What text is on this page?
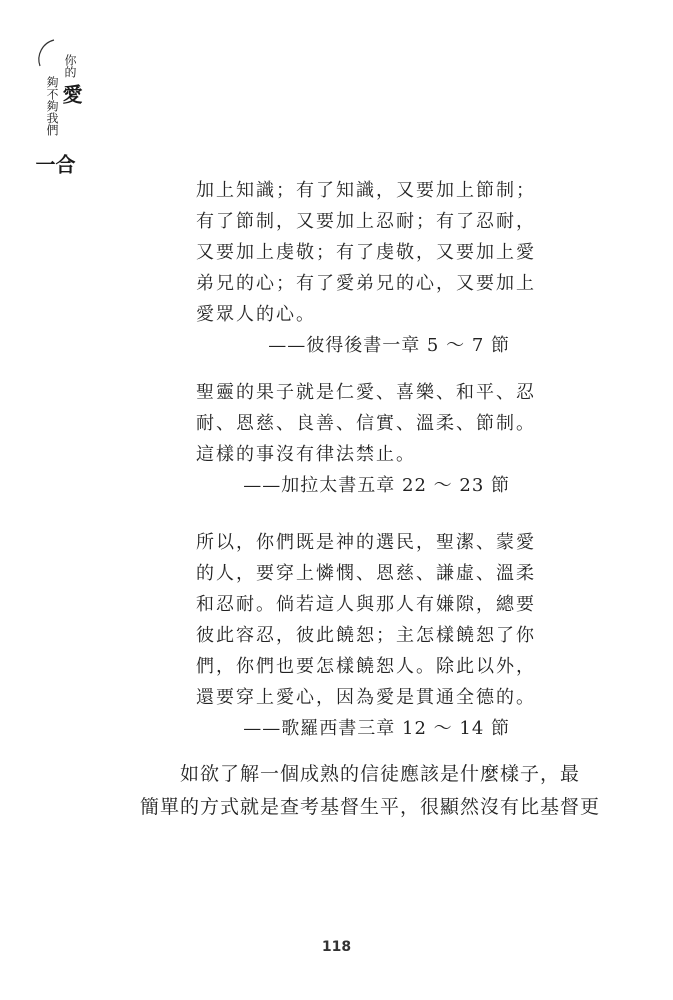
你的
愛
夠不夠我們
合一
加上知識；有了知識，又要加上節制；
有了節制，又要加上忍耐；有了忍耐，
又要加上虔敬；有了虔敬，又要加上愛
弟兄的心；有了愛弟兄的心，又要加上
愛眾人的心。
——彼得後書一章 5 ～ 7 節
聖靈的果子就是仁愛、喜樂、和平、忍
耐、恩慈、良善、信實、溫柔、節制。
這樣的事沒有律法禁止。
——加拉太書五章 22 ～ 23 節
所以，你們既是神的選民，聖潔、蒙愛
的人，要穿上憐憫、恩慈、謙虛、溫柔
和忍耐。倘若這人與那人有嫌隙，總要
彼此容忍，彼此饒恕；主怎樣饒恕了你
們，你們也要怎樣饒恕人。除此以外，
還要穿上愛心，因為愛是貫通全德的。
——歌羅西書三章 12 ～ 14 節
如欲了解一個成熟的信徒應該是什麼樣子，最
簡單的方式就是查考基督生平，很顯然沒有比基督更
118
